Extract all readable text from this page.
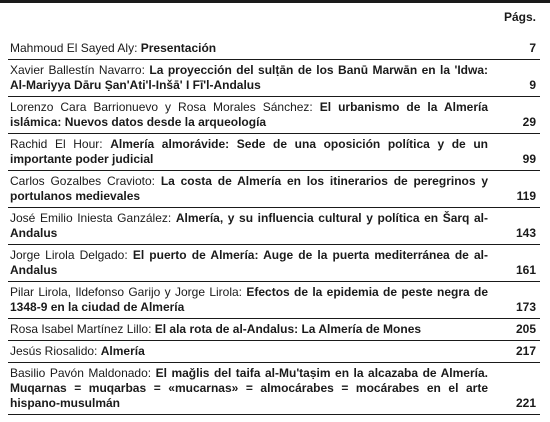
Págs.
Mahmoud El Sayed Aly: Presentación	7
Xavier Ballestín Navarro: La proyección del sulṭān de los Banū Marwān en la 'Idwa: Al-Mariyya Dāru Ṣan'Ati'l-Inšā' I Fī'l-Andalus	9
Lorenzo Cara Barrionuevo y Rosa Morales Sánchez: El urbanismo de la Almería islámica: Nuevos datos desde la arqueología	29
Rachid El Hour: Almería almorávide: Sede de una oposición política y de un importante poder judicial	99
Carlos Gozalbes Cravioto: La costa de Almería en los itinerarios de peregrinos y portulanos medievales	119
José Emilio Iniesta Ganzález: Almería, y su influencia cultural y política en Šarq al-Andalus	143
Jorge Lirola Delgado: El puerto de Almería: Auge de la puerta mediterránea de al-Andalus	161
Pilar Lirola, Ildefonso Garijo y Jorge Lirola: Efectos de la epidemia de peste negra de 1348-9 en la ciudad de Almería	173
Rosa Isabel Martínez Lillo: El ala rota de al-Andalus: La Almería de Mones	205
Jesús Riosalido: Almería	217
Basilio Pavón Maldonado: El maǧlis del taifa al-Mu'taṣim en la alcazaba de Almería. Muqarnas = muqarbas = «mucarnas» = almocárabes = mocárabes en el arte hispano-musulmán	221
